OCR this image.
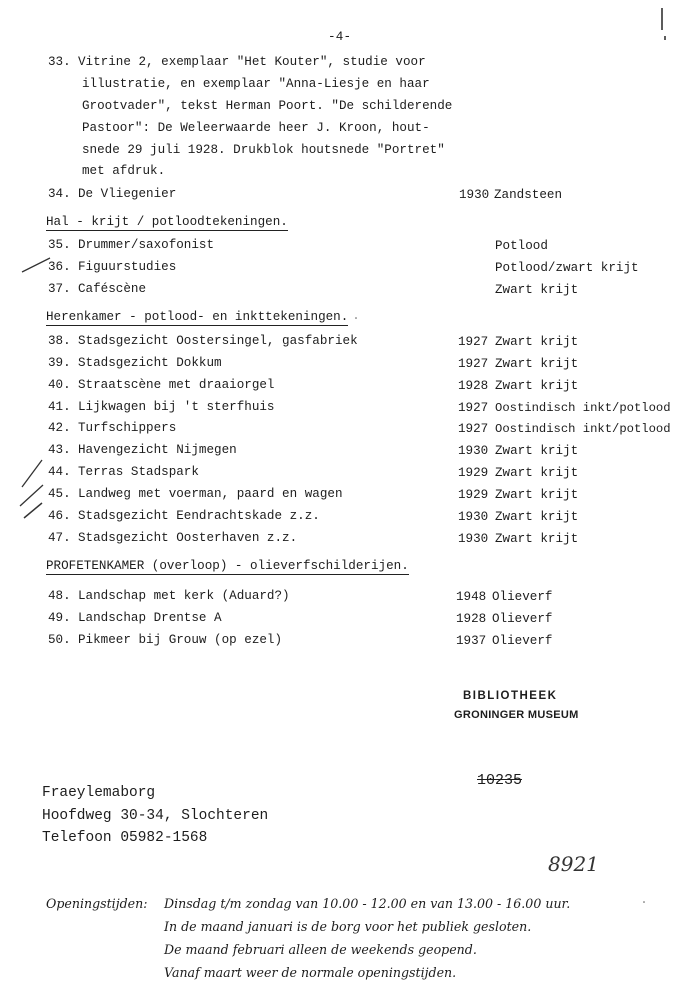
-4-
33. Vitrine 2, exemplaar "Het Kouter", studie voor
illustratie, en exemplaar "Anna-Liesje en haar
Grootvader", tekst Herman Poort. "De schilderende
Pastoor": De Weleerwaarde heer J. Kroon, hout-
snede 29 juli 1928. Drukblok houtsnede "Portret"
met afdruk.
34. De Vliegenier	1930 Zandsteen
Hal - krijt / potloodtekeningen.
35. Drummer/saxofonist	Potlood
36. Figuurstudies	Potlood/zwart krijt
37. Caféscène	Zwart krijt
Herenkamer - potlood- en inkttekeningen.
38. Stadsgezicht Oostersingel, gasfabriek	1927 Zwart krijt
39. Stadsgezicht Dokkum	1927 Zwart krijt
40. Straatscène met draaiorgel	1928 Zwart krijt
41. Lijkwagen bij 't sterfhuis	1927 Oostindisch inkt/potlood
42. Turfschippers	1927 Oostindisch inkt/potlood
43. Havengezicht Nijmegen	1930 Zwart krijt
44. Terras Stadspark	1929 Zwart krijt
45. Landweg met voerman, paard en wagen	1929 Zwart krijt
46. Stadsgezicht Eendrachtskade z.z.	1930 Zwart krijt
47. Stadsgezicht Oosterhaven z.z.	1930 Zwart krijt
PROFETENKAMER (overloop) - olieverfschilderijen.
48. Landschap met kerk (Aduard?)	1948 Olieverf
49. Landschap Drentse A	1928 Olieverf
50. Pikmeer bij Grouw (op ezel)	1937 Olieverf
BIBLIOTHEEK
GRONINGER MUSEUM
10235
Fraeylemaborg
Hoofdweg 30-34, Slochteren
Telefoon 05982-1568
8921
Openingstijden: Dinsdag t/m zondag van 10.00 - 12.00 en van 13.00 - 16.00 uur.
In de maand januari is de borg voor het publiek gesloten.
De maand februari alleen de weekends geopend.
Vanaf maart weer de normale openingstijden.
